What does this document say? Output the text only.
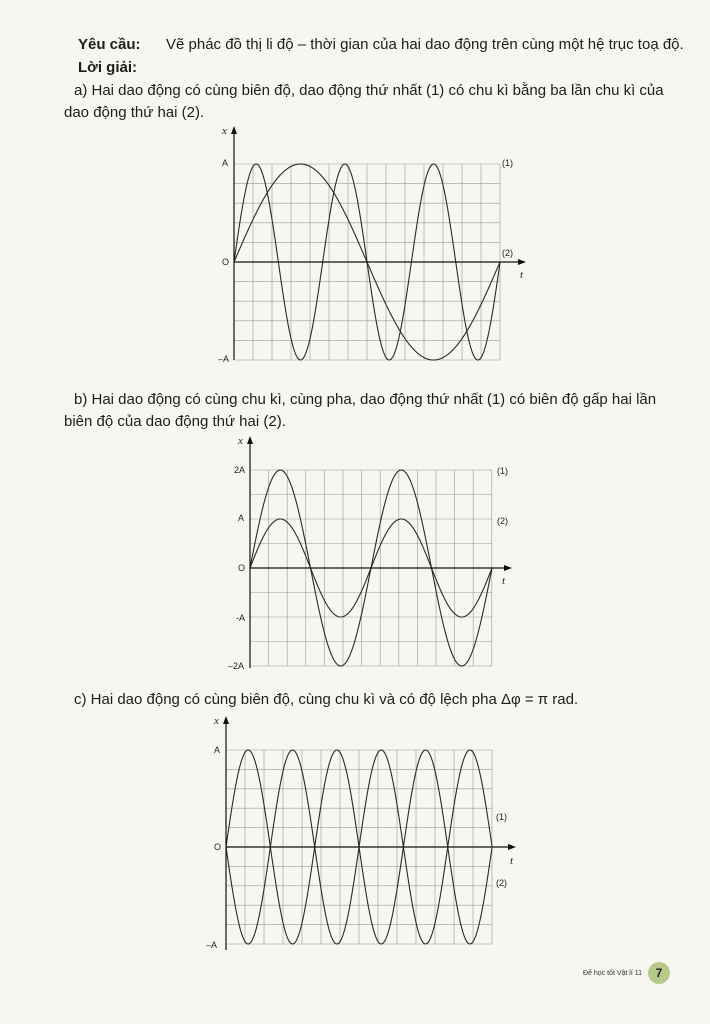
Yêu cầu: Vẽ phác đồ thị li độ – thời gian của hai dao động trên cùng một hệ trục toạ độ.
Lời giải:
a) Hai dao động có cùng biên độ, dao động thứ nhất (1) có chu kì bằng ba lần chu kì của dao động thứ hai (2).
x
t
A
O
–A
(1)
(2)
b) Hai dao động có cùng chu kì, cùng pha, dao động thứ nhất (1) có biên độ gấp hai lần biên độ của dao động thứ hai (2).
x
t
2A
A
O
-A
–2A
(1)
(2)
c) Hai dao động có cùng biên độ, cùng chu kì và có độ lệch pha Δφ = π rad.
x
t
A
O
–A
(1)
(2)
Để học tốt Vật lí 11	7
